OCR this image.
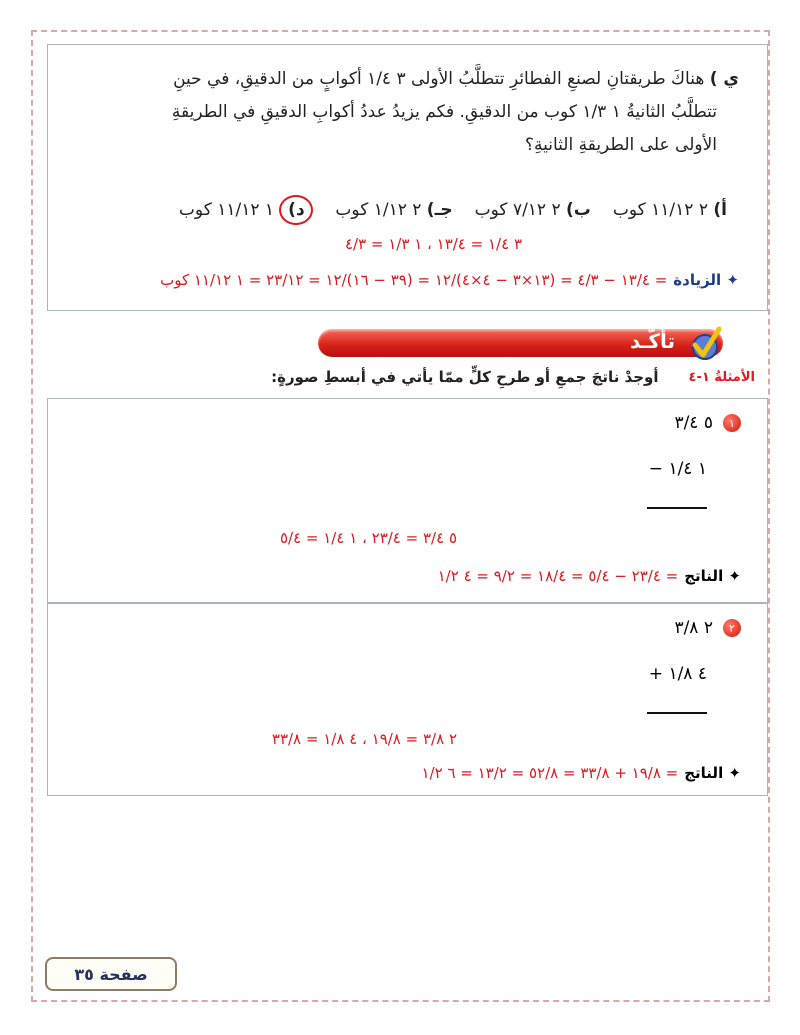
ي ) هناكَ طريقتانِ لصنعِ الفطائرِ تتطلَّبُ الأولى ٣ ١/٤ أكوابٍ من الدقيقِ، في حينِ
تتطلَّبُ الثانيةُ ١ ١/٣ كوب من الدقيقِ. فكم يزيدُ عددُ أكوابِ الدقيقِ في الطريقةِ
الأولى على الطريقةِ الثانيةِ؟
أ) ٢ ١١/١٢ كوب
ب) ٢ ٧/١٢ كوب
جـ) ٢ ١/١٢ كوب
د) ١ ١١/١٢ كوب
٣ ١/٤ = ١٣/٤ ، ١ ١/٣ = ٤/٣
✦ الزيادة
= ١٣/٤ − ٤/٣ = (١٣×٣ − ٤×٤)/١٢ = (٣٩ − ١٦)/١٢ = ٢٣/١٢ = ١ ١١/١٢ كوب
تأكَّـد
الأمثلةُ ١-٤
أوجدْ ناتجَ جمعِ أو طرحِ كلٍّ ممّا يأتي في أبسطِ صورةٍ:
١
٥ ٣/٤
١ ١/٤ −
٥ ٣/٤ = ٢٣/٤ ، ١ ١/٤ = ٥/٤
✦ الناتج
= ٢٣/٤ − ٥/٤ = ١٨/٤ = ٩/٢ = ٤ ١/٢
٢
٢ ٣/٨
٤ ١/٨ +
٢ ٣/٨ = ١٩/٨ ، ٤ ١/٨ = ٣٣/٨
✦ الناتج
= ١٩/٨ + ٣٣/٨ = ٥٢/٨ = ١٣/٢ = ٦ ١/٢
صفحة ٣٥
